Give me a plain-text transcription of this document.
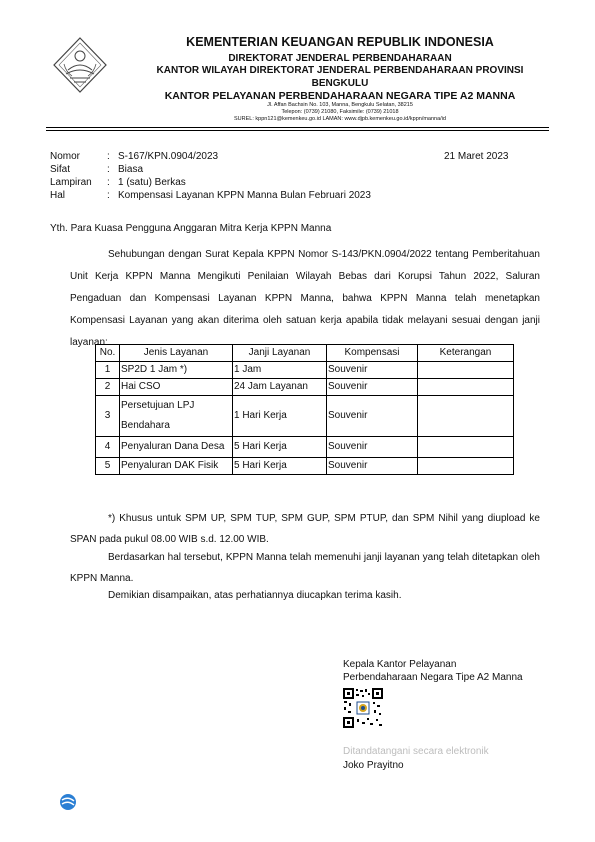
KEMENTERIAN KEUANGAN REPUBLIK INDONESIA
DIREKTORAT JENDERAL PERBENDAHARAAN
KANTOR WILAYAH DIREKTORAT JENDERAL PERBENDAHARAAN PROVINSI
BENGKULU
KANTOR PELAYANAN PERBENDAHARAAN NEGARA TIPE A2 MANNA
Jl. Affan Bachsin No. 103, Manna, Bengkulu Selatan, 38215
Telepon: (0739) 21080, Faksimile: (0739) 21018
SUREL: kppn121@kemenkeu.go.id LAMAN: www.djpb.kemenkeu.go.id/kppn/manna/id
Nomor	: S-167/KPN.0904/2023	21 Maret 2023
Sifat	: Biasa
Lampiran : 1 (satu) Berkas
Hal	: Kompensasi Layanan KPPN Manna Bulan Februari 2023
Yth. Para Kuasa Pengguna Anggaran Mitra Kerja KPPN Manna
Sehubungan dengan Surat Kepala KPPN Nomor S-143/PKN.0904/2022 tentang Pemberitahuan Unit Kerja KPPN Manna Mengikuti Penilaian Wilayah Bebas dari Korupsi Tahun 2022, Saluran Pengaduan dan Kompensasi Layanan KPPN Manna, bahwa KPPN Manna telah menetapkan Kompensasi Layanan yang akan diterima oleh satuan kerja apabila tidak melayani sesuai dengan janji layanan:
No.	Jenis Layanan	Janji Layanan	Kompensasi	Keterangan
1	SP2D 1 Jam *)	1 Jam	Souvenir	
2	Hai CSO	24 Jam Layanan	Souvenir	
3	Persetujuan LPJ Bendahara	1 Hari Kerja	Souvenir	
4	Penyaluran Dana Desa	5 Hari Kerja	Souvenir	
5	Penyaluran DAK Fisik	5 Hari Kerja	Souvenir	
*) Khusus untuk SPM UP, SPM TUP, SPM GUP, SPM PTUP, dan SPM Nihil yang diupload ke SPAN pada pukul 08.00 WIB s.d. 12.00 WIB.
Berdasarkan hal tersebut, KPPN Manna telah memenuhi janji layanan yang telah ditetapkan oleh KPPN Manna.
Demikian disampaikan, atas perhatiannya diucapkan terima kasih.
Kepala Kantor Pelayanan
Perbendaharaan Negara Tipe A2 Manna
Ditandatangani secara elektronik
Joko Prayitno
